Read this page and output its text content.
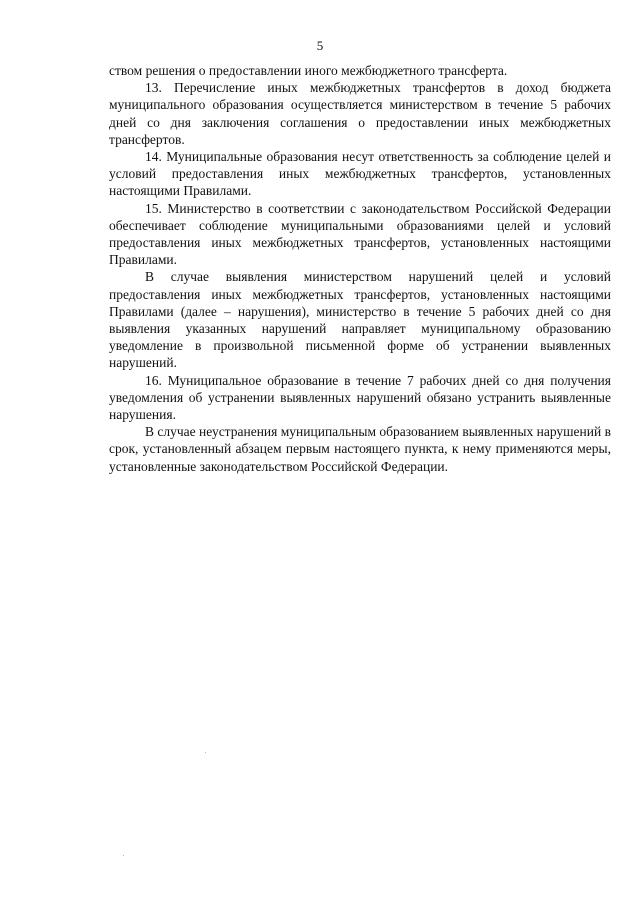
5

ством решения о предоставлении иного межбюджетного трансферта.

13. Перечисление иных межбюджетных трансфертов в доход бюджета муниципального образования осуществляется министерством в течение 5 рабочих дней со дня заключения соглашения о предоставлении иных межбюджетных трансфертов.

14. Муниципальные образования несут ответственность за соблюдение целей и условий предоставления иных межбюджетных трансфертов, установленных настоящими Правилами.

15. Министерство в соответствии с законодательством Российской Федерации обеспечивает соблюдение муниципальными образованиями целей и условий предоставления иных межбюджетных трансфертов, установленных настоящими Правилами.

В случае выявления министерством нарушений целей и условий предоставления иных межбюджетных трансфертов, установленных настоящими Правилами (далее – нарушения), министерство в течение 5 рабочих дней со дня выявления указанных нарушений направляет муниципальному образованию уведомление в произвольной письменной форме об устранении выявленных нарушений.

16. Муниципальное образование в течение 7 рабочих дней со дня получения уведомления об устранении выявленных нарушений обязано устранить выявленные нарушения.

В случае неустранения муниципальным образованием выявленных нарушений в срок, установленный абзацем первым настоящего пункта, к нему применяются меры, установленные законодательством Российской Федерации.
